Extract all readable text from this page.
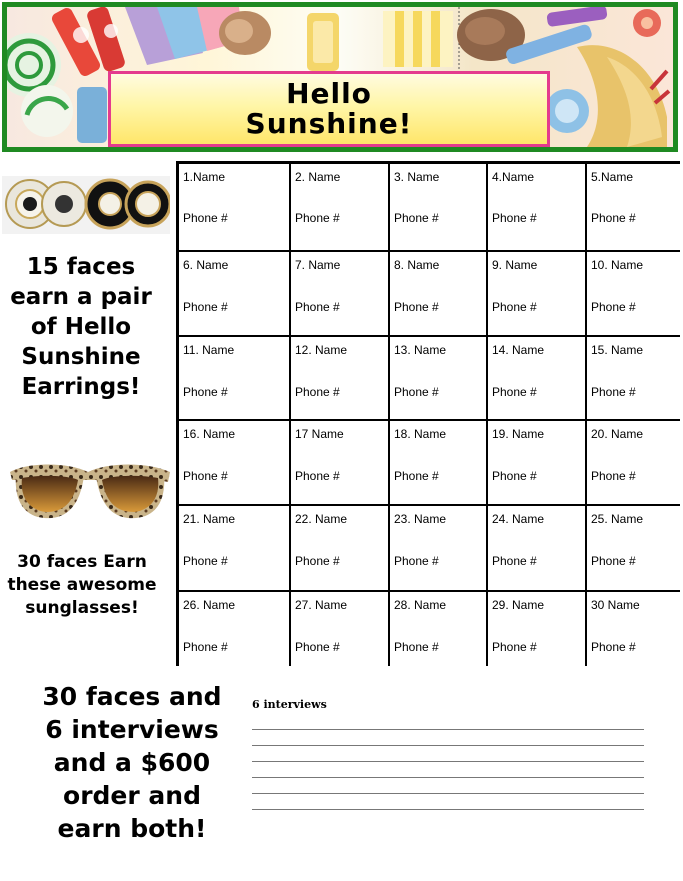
Hello
Sunshine!
15 faces earn a pair of Hello Sunshine Earrings!
30 faces Earn these awesome sunglasses!
30 faces and 6 interviews and a $600 order and earn both!
1.Name
Phone #
2. Name
Phone #
3. Name
Phone #
4.Name
Phone #
5.Name
Phone #
6. Name
Phone #
7. Name
Phone #
8. Name
Phone #
9. Name
Phone #
10. Name
Phone #
11. Name
Phone #
12. Name
Phone #
13. Name
Phone #
14. Name
Phone #
15. Name
Phone #
16. Name
Phone #
17 Name
Phone #
18. Name
Phone #
19. Name
Phone #
20. Name
Phone #
21. Name
Phone #
22. Name
Phone #
23. Name
Phone #
24. Name
Phone #
25. Name
Phone #
26. Name
Phone #
27. Name
Phone #
28. Name
Phone #
29. Name
Phone #
30 Name
Phone #
6 interviews
